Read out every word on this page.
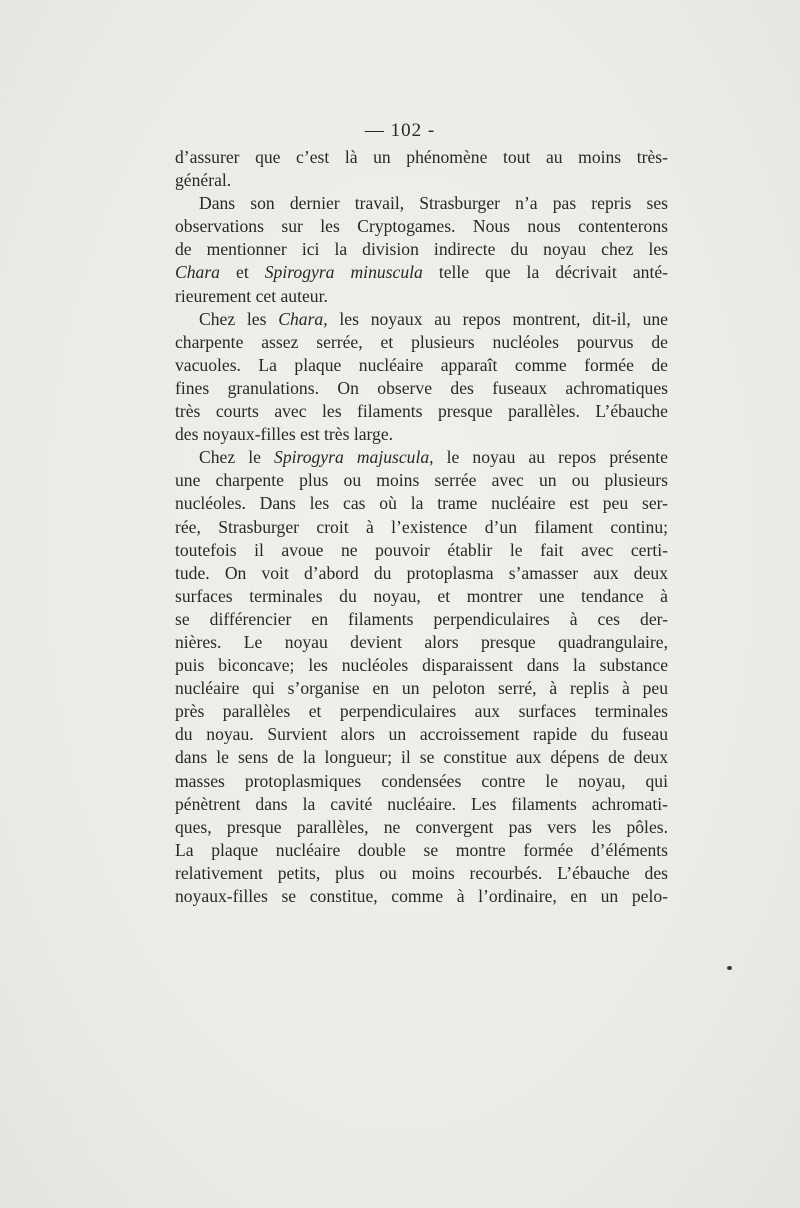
— 102 -
d’assurer que c’est là un phénomène tout au moins très-
général.
Dans son dernier travail, Strasburger n’a pas repris ses
observations sur les Cryptogames. Nous nous contenterons
de mentionner ici la division indirecte du noyau chez les
Chara et Spirogyra minuscula telle que la décrivait anté-
rieurement cet auteur.
Chez les Chara, les noyaux au repos montrent, dit-il, une
charpente assez serrée, et plusieurs nucléoles pourvus de
vacuoles. La plaque nucléaire apparaît comme formée de
fines granulations. On observe des fuseaux achromatiques
très courts avec les filaments presque parallèles. L’ébauche
des noyaux-filles est très large.
Chez le Spirogyra majuscula, le noyau au repos présente
une charpente plus ou moins serrée avec un ou plusieurs
nucléoles. Dans les cas où la trame nucléaire est peu ser-
rée, Strasburger croit à l’existence d’un filament continu;
toutefois il avoue ne pouvoir établir le fait avec certi-
tude. On voit d’abord du protoplasma s’amasser aux deux
surfaces terminales du noyau, et montrer une tendance à
se différencier en filaments perpendiculaires à ces der-
nières. Le noyau devient alors presque quadrangulaire,
puis biconcave; les nucléoles disparaissent dans la substance
nucléaire qui s’organise en un peloton serré, à replis à peu
près parallèles et perpendiculaires aux surfaces terminales
du noyau. Survient alors un accroissement rapide du fuseau
dans le sens de la longueur; il se constitue aux dépens de deux
masses protoplasmiques condensées contre le noyau, qui
pénètrent dans la cavité nucléaire. Les filaments achromati-
ques, presque parallèles, ne convergent pas vers les pôles.
La plaque nucléaire double se montre formée d’éléments
relativement petits, plus ou moins recourbés. L’ébauche des
noyaux-filles se constitue, comme à l’ordinaire, en un pelo-
